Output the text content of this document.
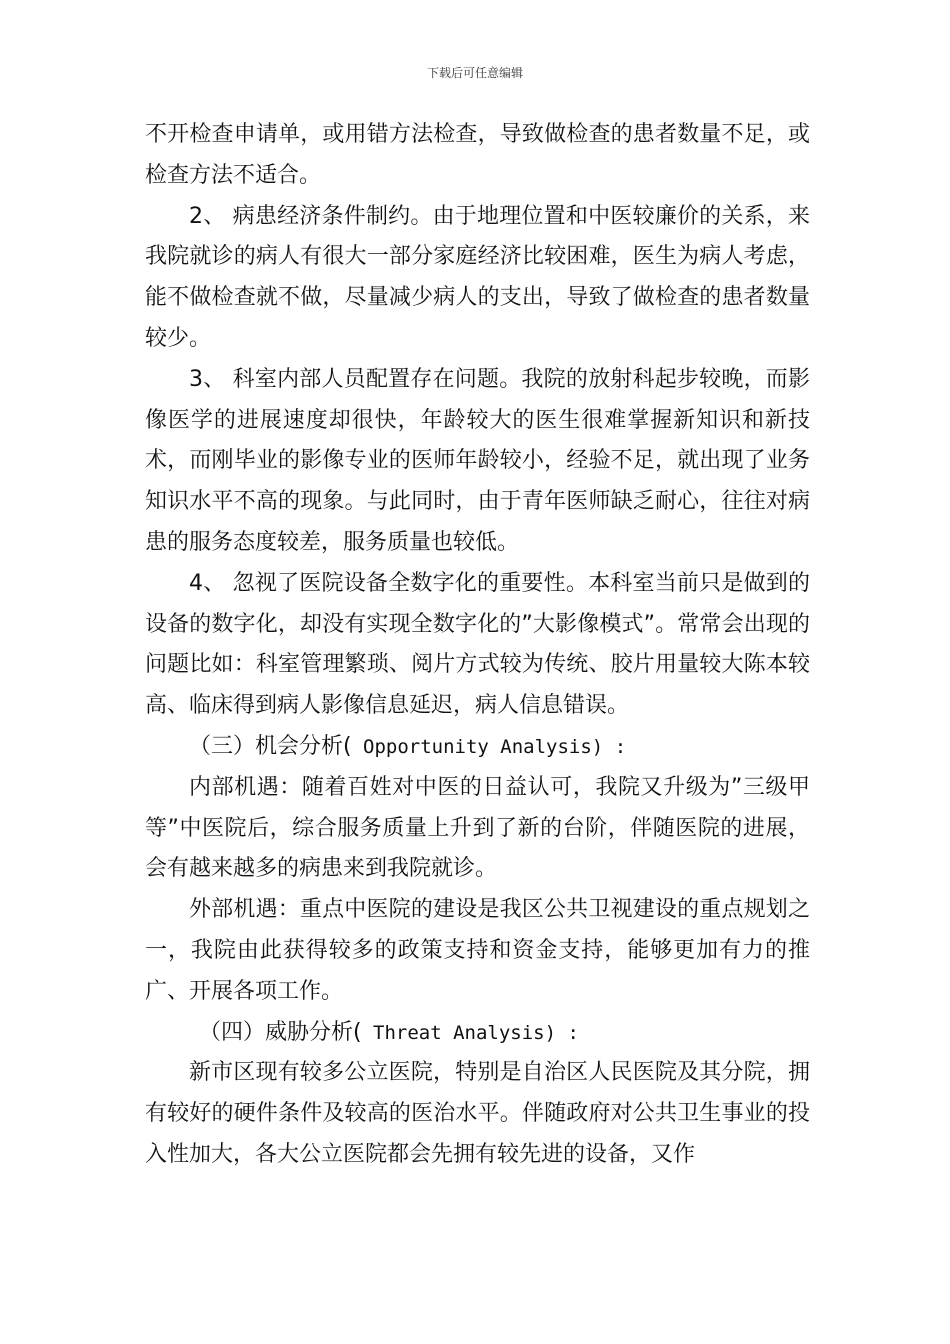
下载后可任意编辑

不开检查申请单，或用错方法检查，导致做检查的患者数量不足，或检查方法不适合。

2、 病患经济条件制约。由于地理位置和中医较廉价的关系，来我院就诊的病人有很大一部分家庭经济比较困难，医生为病人考虑，能不做检查就不做，尽量减少病人的支出，导致了做检查的患者数量较少。

3、 科室内部人员配置存在问题。我院的放射科起步较晚，而影像医学的进展速度却很快，年龄较大的医生很难掌握新知识和新技术，而刚毕业的影像专业的医师年龄较小，经验不足，就出现了业务知识水平不高的现象。与此同时，由于青年医师缺乏耐心，往往对病患的服务态度较差，服务质量也较低。

4、 忽视了医院设备全数字化的重要性。本科室当前只是做到的设备的数字化，却没有实现全数字化的”大影像模式”。常常会出现的问题比如：科室管理繁琐、阅片方式较为传统、胶片用量较大陈本较高、临床得到病人影像信息延迟，病人信息错误。

（三）机会分析( Opportunity Analysis) :

内部机遇：随着百姓对中医的日益认可，我院又升级为”三级甲等”中医院后，综合服务质量上升到了新的台阶，伴随医院的进展，会有越来越多的病患来到我院就诊。

外部机遇：重点中医院的建设是我区公共卫视建设的重点规划之一，我院由此获得较多的政策支持和资金支持，能够更加有力的推广、开展各项工作。

（四）威胁分析( Threat Analysis) :

新市区现有较多公立医院，特别是自治区人民医院及其分院，拥有较好的硬件条件及较高的医治水平。伴随政府对公共卫生事业的投入性加大，各大公立医院都会先拥有较先进的设备，又作
